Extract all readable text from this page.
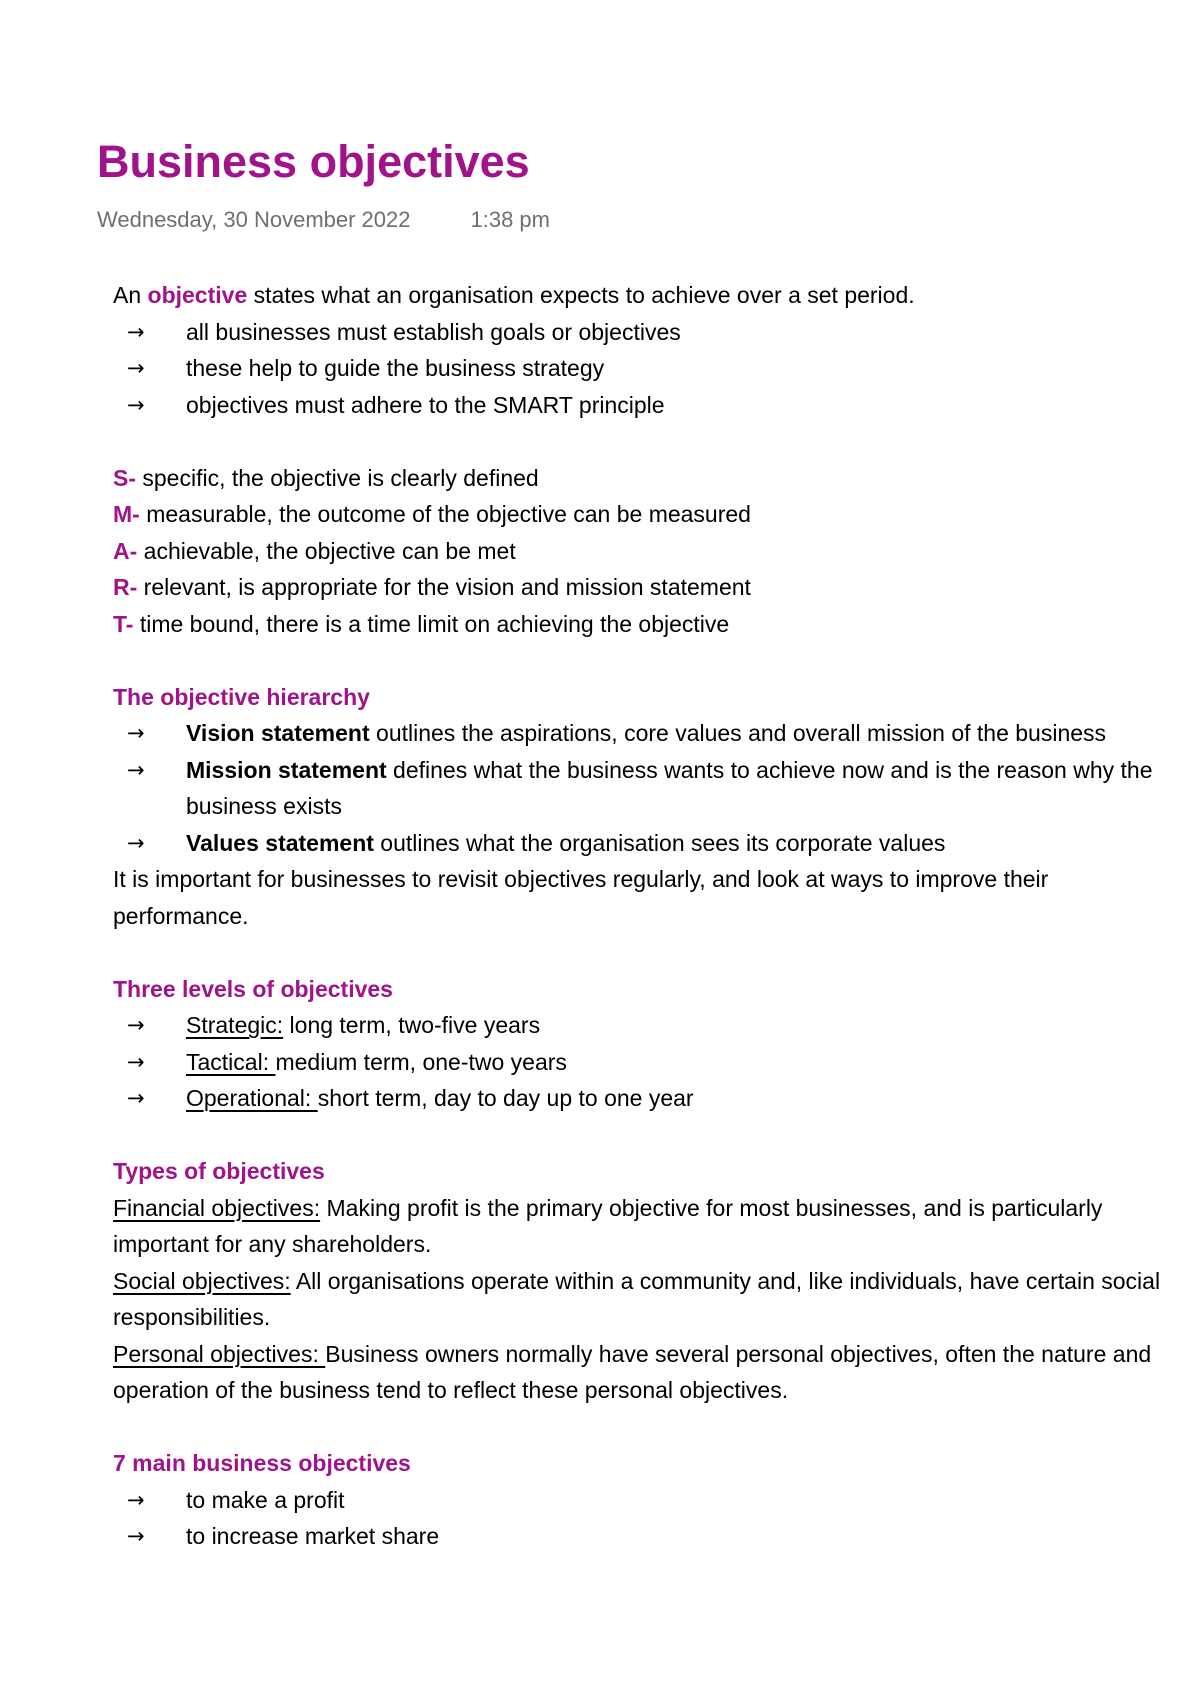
Business objectives
Wednesday, 30 November 2022	1:38 pm
An objective states what an organisation expects to achieve over a set period.
→ all businesses must establish goals or objectives
→ these help to guide the business strategy
→ objectives must adhere to the SMART principle
S- specific, the objective is clearly defined
M- measurable, the outcome of the objective can be measured
A- achievable, the objective can be met
R- relevant, is appropriate for the vision and mission statement
T- time bound, there is a time limit on achieving the objective
The objective hierarchy
→ Vision statement outlines the aspirations, core values and overall mission of the business
→ Mission statement defines what the business wants to achieve now and is the reason why the business exists
→ Values statement outlines what the organisation sees its corporate values
It is important for businesses to revisit objectives regularly, and look at ways to improve their performance.
Three levels of objectives
→ Strategic: long term, two-five years
→ Tactical: medium term, one-two years
→ Operational: short term, day to day up to one year
Types of objectives
Financial objectives: Making profit is the primary objective for most businesses, and is particularly important for any shareholders.
Social objectives: All organisations operate within a community and, like individuals, have certain social responsibilities.
Personal objectives: Business owners normally have several personal objectives, often the nature and operation of the business tend to reflect these personal objectives.
7 main business objectives
→ to make a profit
→ to increase market share
